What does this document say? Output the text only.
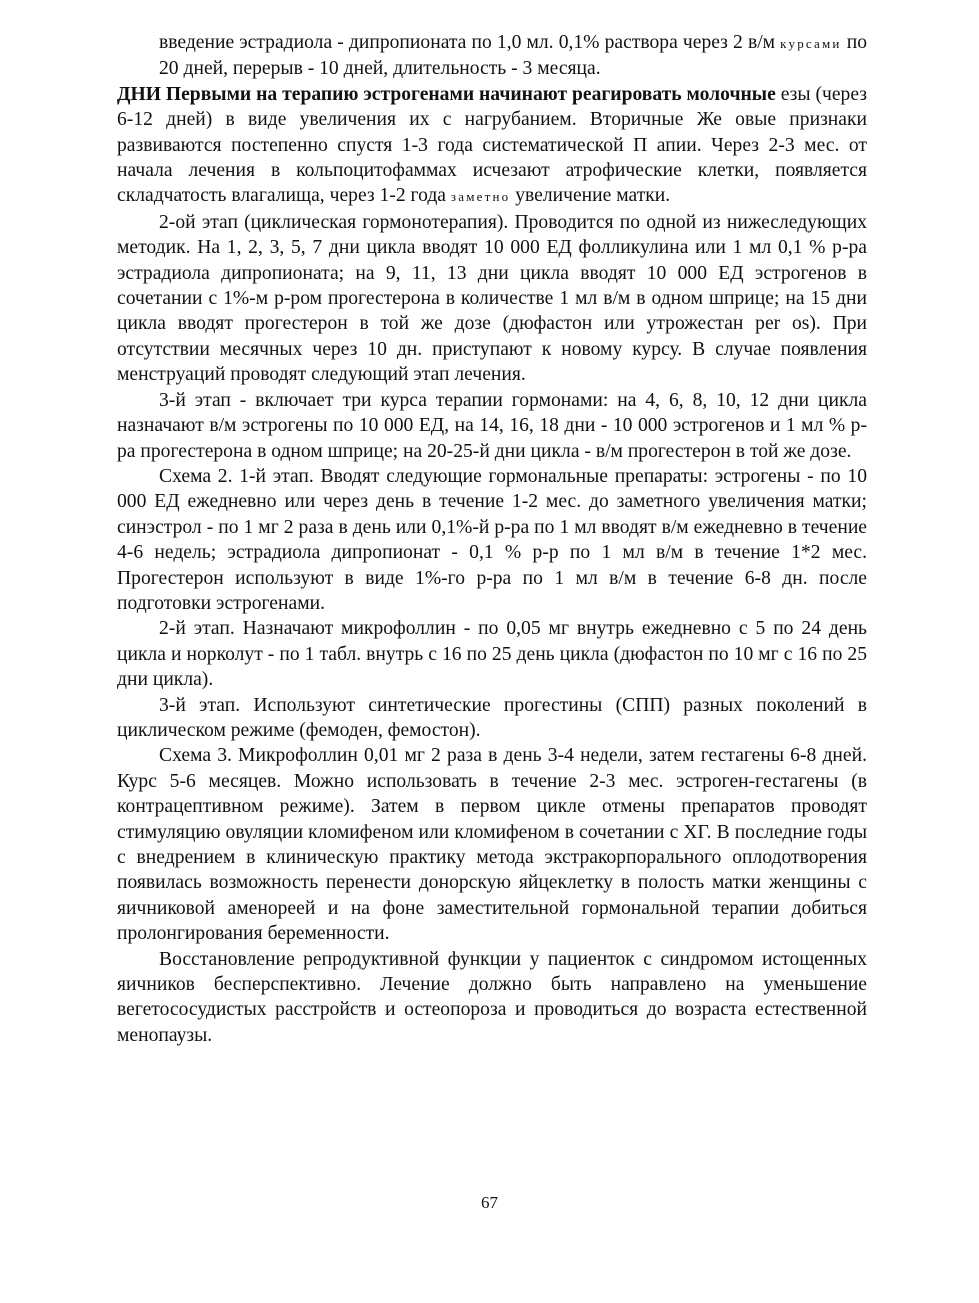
введение эстрадиола - дипропионата по 1,0 мл. 0,1% раствора через 2 в/м курсами по 20 дней, перерыв - 10 дней, длительность - 3 месяца.

ДНИ Первыми на терапию эстрогенами начинают реагировать молочные езы (через 6-12 дней) в виде увеличения их с нагрубанием. Вторичные Же овые признаки развиваются постепенно спустя 1-3 года систематической П апии. Через 2-3 мес. от начала лечения в кольпоцитофаммах исчезают атрофические клетки, появляется складчатость влагалища, через 1-2 года заметно увеличение матки.

2-ой этап (циклическая гормонотерапия). Проводится по одной из нижеследующих методик. На 1, 2, 3, 5, 7 дни цикла вводят 10 000 ЕД фолликулина или 1 мл 0,1 % р-ра эстрадиола дипропионата; на 9, 11, 13 дни цикла вводят 10 000 ЕД эстрогенов в сочетании с 1%-м р-ром прогестерона в количестве 1 мл в/м в одном шприце; на 15 дни цикла вводят прогестерон в той же дозе (дюфастон или утрожестан per os). При отсутствии месячных через 10 дн. приступают к новому курсу. В случае появления менструаций проводят следующий этап лечения.

3-й этап - включает три курса терапии гормонами: на 4, 6, 8, 10, 12 дни цикла назначают в/м эстрогены по 10 000 ЕД, на 14, 16, 18 дни - 10 000 эстрогенов и 1 мл % р-ра прогестерона в одном шприце; на 20-25-й дни цикла - в/м прогестерон в той же дозе.

Схема 2. 1-й этап. Вводят следующие гормональные препараты: эстрогены - по 10 000 ЕД ежедневно или через день в течение 1-2 мес. до заметного увеличения матки; синэстрол - по 1 мг 2 раза в день или 0,1%-й р-ра по 1 мл вводят в/м ежедневно в течение 4-6 недель; эстрадиола дипропионат - 0,1 % р-р по 1 мл в/м в течение 1*2 мес. Прогестерон используют в виде 1%-го р-ра по 1 мл в/м в течение 6-8 дн. после подготовки эстрогенами.

2-й этап. Назначают микрофоллин - по 0,05 мг внутрь ежедневно с 5 по 24 день цикла и норколут - по 1 табл. внутрь с 16 по 25 день цикла (дюфастон по 10 мг с 16 по 25 дни цикла).

3-й этап. Используют синтетические прогестины (СПП) разных поколений в циклическом режиме (фемоден, фемостон).

Схема 3. Микрофоллин 0,01 мг 2 раза в день 3-4 недели, затем гестагены 6-8 дней. Курс 5-6 месяцев. Можно использовать в течение 2-3 мес. эстроген-гестагены (в контрацептивном режиме). Затем в первом цикле отмены препаратов проводят стимуляцию овуляции кломифеном или кломифеном в сочетании с ХГ. В последние годы с внедрением в клиническую практику метода экстракорпорального оплодотворения появилась возможность перенести донорскую яйцеклетку в полость матки женщины с яичниковой аменореей и на фоне заместительной гормональной терапии добиться пролонгирования беременности.

Восстановление репродуктивной функции у пациенток с синдромом истощенных яичников бесперспективно. Лечение должно быть направлено на уменьшение вегетососудистых расстройств и остеопороза и проводиться до возраста естественной менопаузы.

67
